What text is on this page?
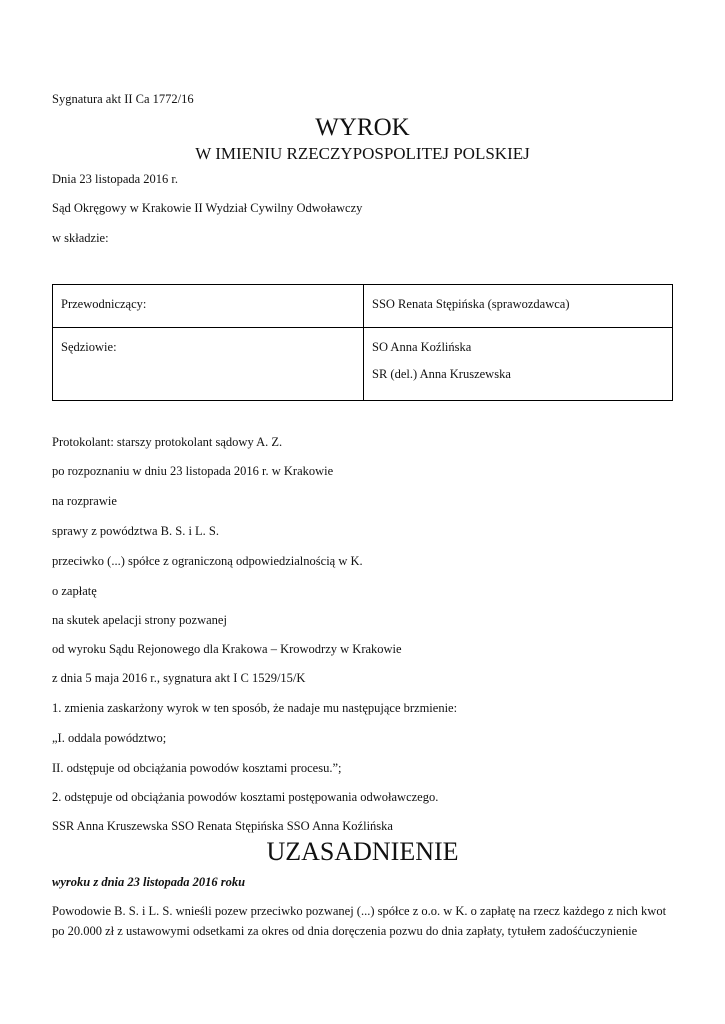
Sygnatura akt II Ca 1772/16
WYROK
W IMIENIU RZECZYPOSPOLITEJ POLSKIEJ
Dnia 23 listopada 2016 r.
Sąd Okręgowy w Krakowie II Wydział Cywilny Odwoławczy
w składzie:
Przewodniczący:	SSO Renata Stępińska (sprawozdawca)

Sędziowie:	SO Anna Koźlińska
SR (del.) Anna Kruszewska
Protokolant: starszy protokolant sądowy A. Z.
po rozpoznaniu w dniu 23 listopada 2016 r. w Krakowie
na rozprawie
sprawy z powództwa B. S. i L. S.
przeciwko (...) spółce z ograniczoną odpowiedzialnością w K.
o zapłatę
na skutek apelacji strony pozwanej
od wyroku Sądu Rejonowego dla Krakowa – Krowodrzy w Krakowie
z dnia 5 maja 2016 r., sygnatura akt I C 1529/15/K
1. zmienia zaskarżony wyrok w ten sposób, że nadaje mu następujące brzmienie:
„I. oddala powództwo;
II. odstępuje od obciążania powodów kosztami procesu.”;
2. odstępuje od obciążania powodów kosztami postępowania odwoławczego.
SSR Anna Kruszewska SSO Renata Stępińska SSO Anna Koźlińska
UZASADNIENIE
wyroku z dnia 23 listopada 2016 roku
Powodowie B. S. i L. S. wnieśli pozew przeciwko pozwanej (...) spółce z o.o. w K. o zapłatę na rzecz każdego z nich kwot po 20.000 zł z ustawowymi odsetkami za okres od dnia doręczenia pozwu do dnia zapłaty, tytułem zadośćuczynienie
